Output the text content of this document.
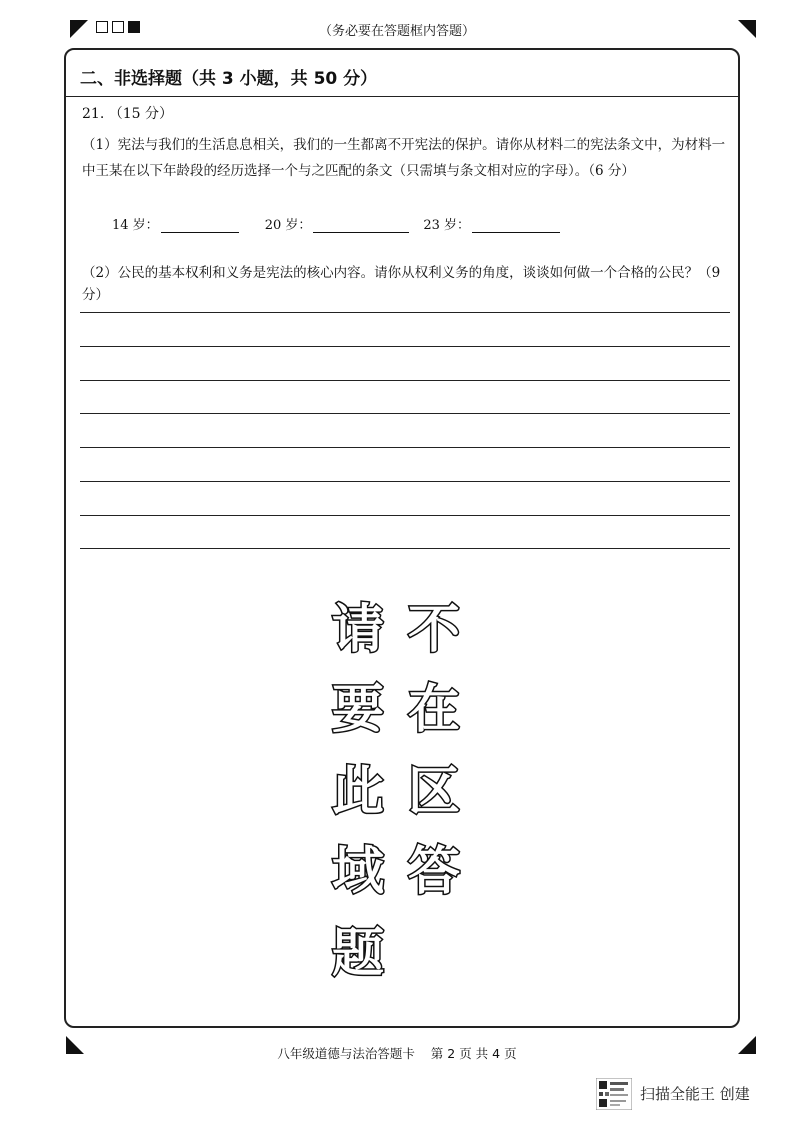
（务必要在答题框内答题）
二、非选择题（共 3 小题，共 50 分）
21. （15 分）
（1）宪法与我们的生活息息相关，我们的一生都离不开宪法的保护。请你从材料二的宪法条文中，为材料一中王某在以下年龄段的经历选择一个与之匹配的条文（只需填与条文相对应的字母）。（6 分）
14 岁：	20 岁：	23 岁：
（2）公民的基本权利和义务是宪法的核心内容。请你从权利义务的角度，谈谈如何做一个合格的公民？（9 分）
请
要
此
域
题
不
在
区
答
八年级道德与法治答题卡    第 2 页 共 4 页
扫描全能王 创建
